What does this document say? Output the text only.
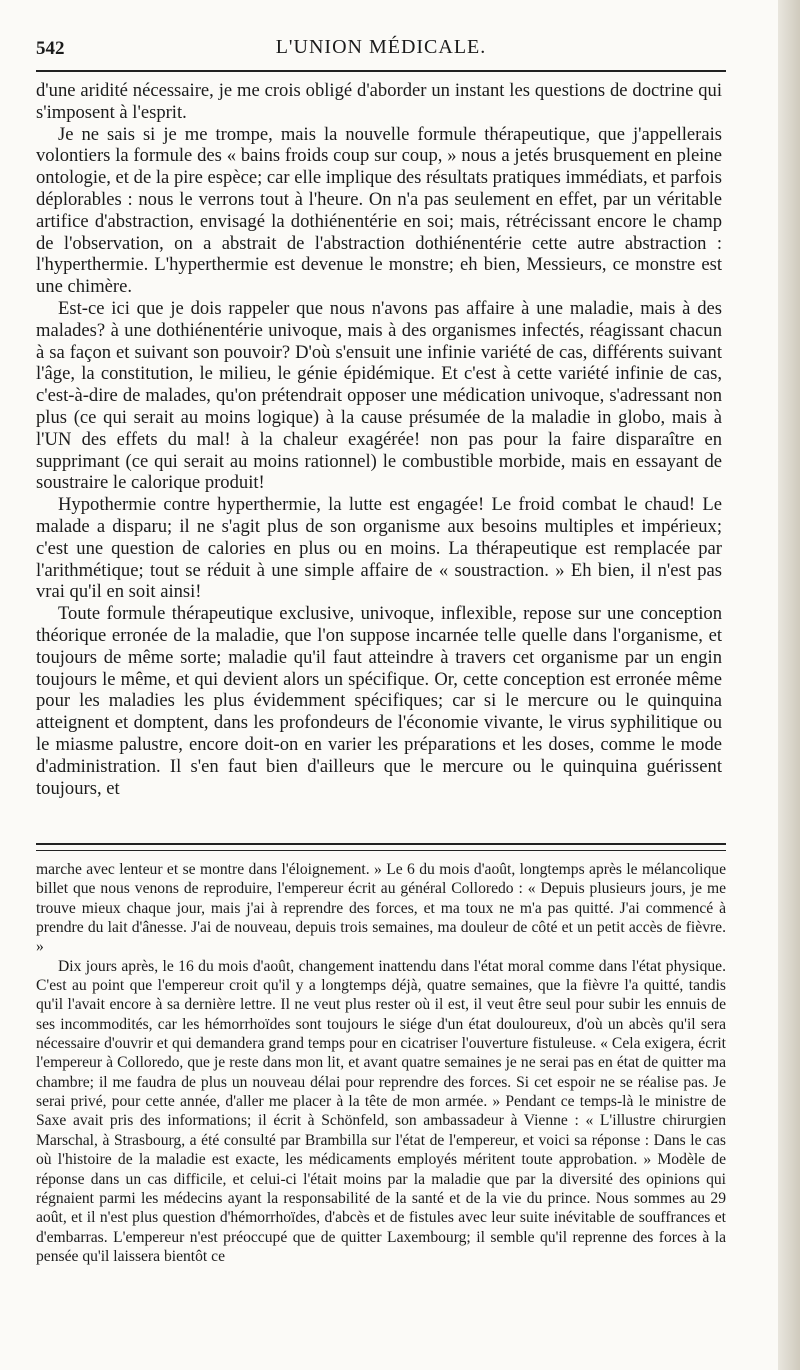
542	L'UNION MÉDICALE.

d'une aridité nécessaire, je me crois obligé d'aborder un instant les questions de doctrine qui s'imposent à l'esprit.

Je ne sais si je me trompe, mais la nouvelle formule thérapeutique, que j'appellerais volontiers la formule des « bains froids coup sur coup, » nous a jetés brusquement en pleine ontologie, et de la pire espèce; car elle implique des résultats pratiques immédiats, et parfois déplorables : nous le verrons tout à l'heure. On n'a pas seulement en effet, par un véritable artifice d'abstraction, envisagé la dothiénentérie en soi; mais, rétrécissant encore le champ de l'observation, on a abstrait de l'abstraction dothiénentérie cette autre abstraction : l'hyperthermie. L'hyperthermie est devenue le monstre; eh bien, Messieurs, ce monstre est une chimère.

Est-ce ici que je dois rappeler que nous n'avons pas affaire à une maladie, mais à des malades? à une dothiénentérie univoque, mais à des organismes infectés, réagissant chacun à sa façon et suivant son pouvoir? D'où s'ensuit une infinie variété de cas, différents suivant l'âge, la constitution, le milieu, le génie épidémique. Et c'est à cette variété infinie de cas, c'est-à-dire de malades, qu'on prétendrait opposer une médication univoque, s'adressant non plus (ce qui serait au moins logique) à la cause présumée de la maladie in globo, mais à l'UN des effets du mal! à la chaleur exagérée! non pas pour la faire disparaître en supprimant (ce qui serait au moins rationnel) le combustible morbide, mais en essayant de soustraire le calorique produit!

Hypothermie contre hyperthermie, la lutte est engagée! Le froid combat le chaud! Le malade a disparu; il ne s'agit plus de son organisme aux besoins multiples et impérieux; c'est une question de calories en plus ou en moins. La thérapeutique est remplacée par l'arithmétique; tout se réduit à une simple affaire de « soustraction. » Eh bien, il n'est pas vrai qu'il en soit ainsi!

Toute formule thérapeutique exclusive, univoque, inflexible, repose sur une conception théorique erronée de la maladie, que l'on suppose incarnée telle quelle dans l'organisme, et toujours de même sorte; maladie qu'il faut atteindre à travers cet organisme par un engin toujours le même, et qui devient alors un spécifique. Or, cette conception est erronée même pour les maladies les plus évidemment spécifiques; car si le mercure ou le quinquina atteignent et domptent, dans les profondeurs de l'économie vivante, le virus syphilitique ou le miasme palustre, encore doit-on en varier les préparations et les doses, comme le mode d'administration. Il s'en faut bien d'ailleurs que le mercure ou le quinquina guérissent toujours, et

marche avec lenteur et se montre dans l'éloignement. » Le 6 du mois d'août, longtemps après le mélancolique billet que nous venons de reproduire, l'empereur écrit au général Colloredo : « Depuis plusieurs jours, je me trouve mieux chaque jour, mais j'ai à reprendre des forces, et ma toux ne m'a pas quitté. J'ai commencé à prendre du lait d'ânesse. J'ai de nouveau, depuis trois semaines, ma douleur de côté et un petit accès de fièvre. »

Dix jours après, le 16 du mois d'août, changement inattendu dans l'état moral comme dans l'état physique. C'est au point que l'empereur croit qu'il y a longtemps déjà, quatre semaines, que la fièvre l'a quitté, tandis qu'il l'avait encore à sa dernière lettre. Il ne veut plus rester où il est, il veut être seul pour subir les ennuis de ses incommodités, car les hémorrhoïdes sont toujours le siége d'un état douloureux, d'où un abcès qu'il sera nécessaire d'ouvrir et qui demandera grand temps pour en cicatriser l'ouverture fistuleuse. « Cela exigera, écrit l'empereur à Colloredo, que je reste dans mon lit, et avant quatre semaines je ne serai pas en état de quitter ma chambre; il me faudra de plus un nouveau délai pour reprendre des forces. Si cet espoir ne se réalise pas. Je serai privé, pour cette année, d'aller me placer à la tête de mon armée. » Pendant ce temps-là le ministre de Saxe avait pris des informations; il écrit à Schönfeld, son ambassadeur à Vienne : « L'illustre chirurgien Marschal, à Strasbourg, a été consulté par Brambilla sur l'état de l'empereur, et voici sa réponse : Dans le cas où l'histoire de la maladie est exacte, les médicaments employés méritent toute approbation. » Modèle de réponse dans un cas difficile, et celui-ci l'était moins par la maladie que par la diversité des opinions qui régnaient parmi les médecins ayant la responsabilité de la santé et de la vie du prince. Nous sommes au 29 août, et il n'est plus question d'hémorrhoïdes, d'abcès et de fistules avec leur suite inévitable de souffrances et d'embarras. L'empereur n'est préoccupé que de quitter Laxembourg; il semble qu'il reprenne des forces à la pensée qu'il laissera bientôt ce
